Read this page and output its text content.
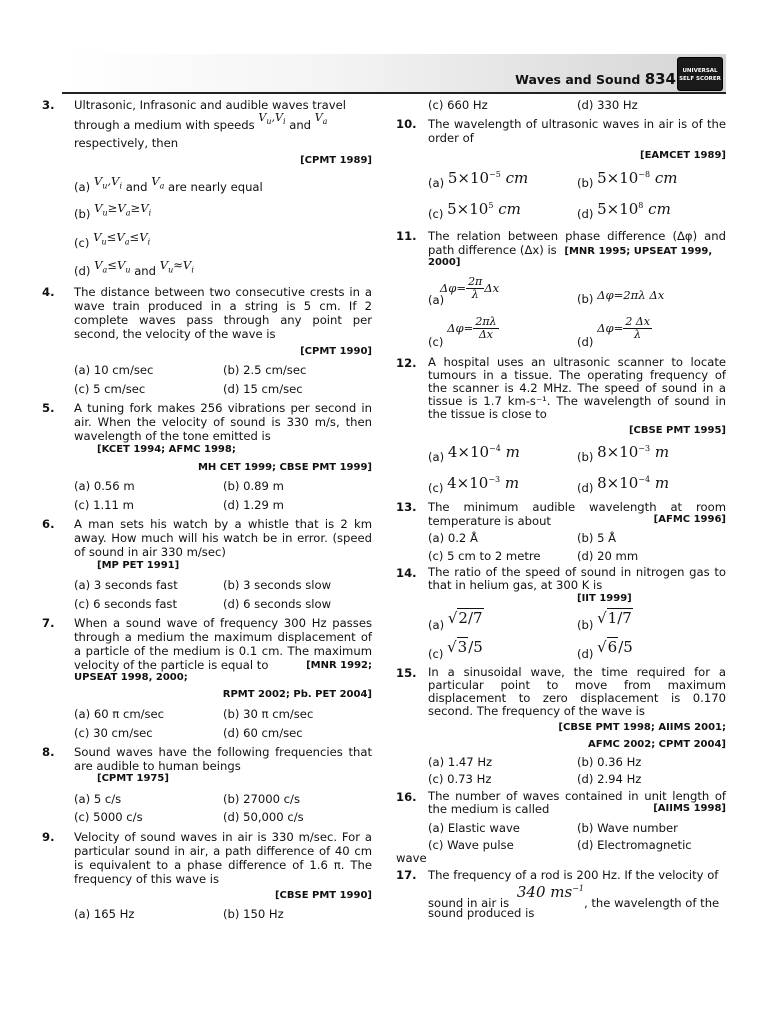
Waves and Sound 834	UNIVERSAL
SELF SCORER
3. Ultrasonic, Infrasonic and audible waves travel
through a medium with speeds $V_u,V_i$ and $V_a$
respectively, then
[CPMT 1989]
(a) $V_u,V_i$ and $V_a$ are nearly equal
(b) $V_u\ge V_a\ge V_i$
(c) $V_u\le V_a\le V_i$
(d) $V_a\le V_u$ and $V_u\approx V_i$
4. The distance between two consecutive crests in a wave train produced in a string is 5 cm. If 2 complete waves pass through any point per second, the velocity of the wave is
[CPMT 1990]
(a) 10 cm/sec	(b) 2.5 cm/sec
(c) 5 cm/sec	(d) 15 cm/sec
5. A tuning fork makes 256 vibrations per second in air. When the velocity of sound is 330 m/s, then wavelength of the tone emitted is
[KCET 1994; AFMC 1998;
MH CET 1999; CBSE PMT 1999]
(a) 0.56 m	(b) 0.89 m
(c) 1.11 m	(d) 1.29 m
6. A man sets his watch by a whistle that is 2 km away. How much will his watch be in error. (speed of sound in air 330 m/sec)
[MP PET 1991]
(a) 3 seconds fast	(b) 3 seconds slow
(c) 6 seconds fast	(d) 6 seconds slow
7. When a sound wave of frequency 300 Hz passes through a medium the maximum displacement of a particle of the medium is 0.1 cm. The maximum velocity of the particle is equal to	[MNR 1992;
UPSEAT 1998, 2000;
RPMT 2002; Pb. PET 2004]
(a) 60 π cm/sec	(b) 30 π cm/sec
(c) 30 cm/sec	(d) 60 cm/sec
8. Sound waves have the following frequencies that are audible to human beings
[CPMT 1975]
(a) 5 c/s	(b) 27000 c/s
(c) 5000 c/s	(d) 50,000 c/s
9. Velocity of sound waves in air is 330 m/sec. For a particular sound in air, a path difference of 40 cm is equivalent to a phase difference of 1.6 π. The frequency of this wave is
[CBSE PMT 1990]
(a) 165 Hz	(b) 150 Hz
(c) 660 Hz	(d) 330 Hz
10. The wavelength of ultrasonic waves in air is of the order of
[EAMCET 1989]
(a) $5\times 10^{-5}$ cm	(b) $5\times 10^{-8}$ cm
(c) $5\times 10^5$ cm	(d) $5\times 10^8$ cm
11. The relation between phase difference (Δφ) and path difference (Δx) is [MNR 1995; UPSEAT 1999,
2000]
(a) $\Delta\varphi= \frac{2\pi}{\lambda}$ Δx
(b) Δφ=2πλ Δx
(c) $\Delta\varphi= \frac{2\pi\lambda}{\Delta x}$
(d) $\Delta\varphi= \frac{2 \Delta x}{\lambda}$
12. A hospital uses an ultrasonic scanner to locate tumours in a tissue. The operating frequency of the scanner is 4.2 MHz. The speed of sound in a tissue is 1.7 km-s⁻¹. The wavelength of sound in the tissue is close to
[CBSE PMT 1995]
(a) $4\times 10^{-4}$ m	(b) $8\times 10^{-3}$ m
(c) $4\times 10^{-3}$ m	(d) $8\times 10^{-4}$ m
13. The minimum audible wavelength at room temperature is about	[AFMC 1996]
(a) 0.2 Å	(b) 5 Å
(c) 5 cm to 2 metre	(d) 20 mm
14. The ratio of the speed of sound in nitrogen gas to that in helium gas, at 300 K is
[IIT 1999]
(a) √2/7	(b) √1/7
(c) √3/5	(d) √6/5
15. In a sinusoidal wave, the time required for a particular point to move from maximum displacement to zero displacement is 0.170 second. The frequency of the wave is
[CBSE PMT 1998; AIIMS 2001;
AFMC 2002; CPMT 2004]
(a) 1.47 Hz	(b) 0.36 Hz
(c) 0.73 Hz	(d) 2.94 Hz
16. The number of waves contained in unit length of the medium is called	[AIIMS 1998]
(a) Elastic wave	(b) Wave number
(c) Wave pulse	(d) Electromagnetic
wave
17. The frequency of a rod is 200 Hz. If the velocity of
sound in air is 340 $ms^{-1}$, the wavelength of the
sound produced is
